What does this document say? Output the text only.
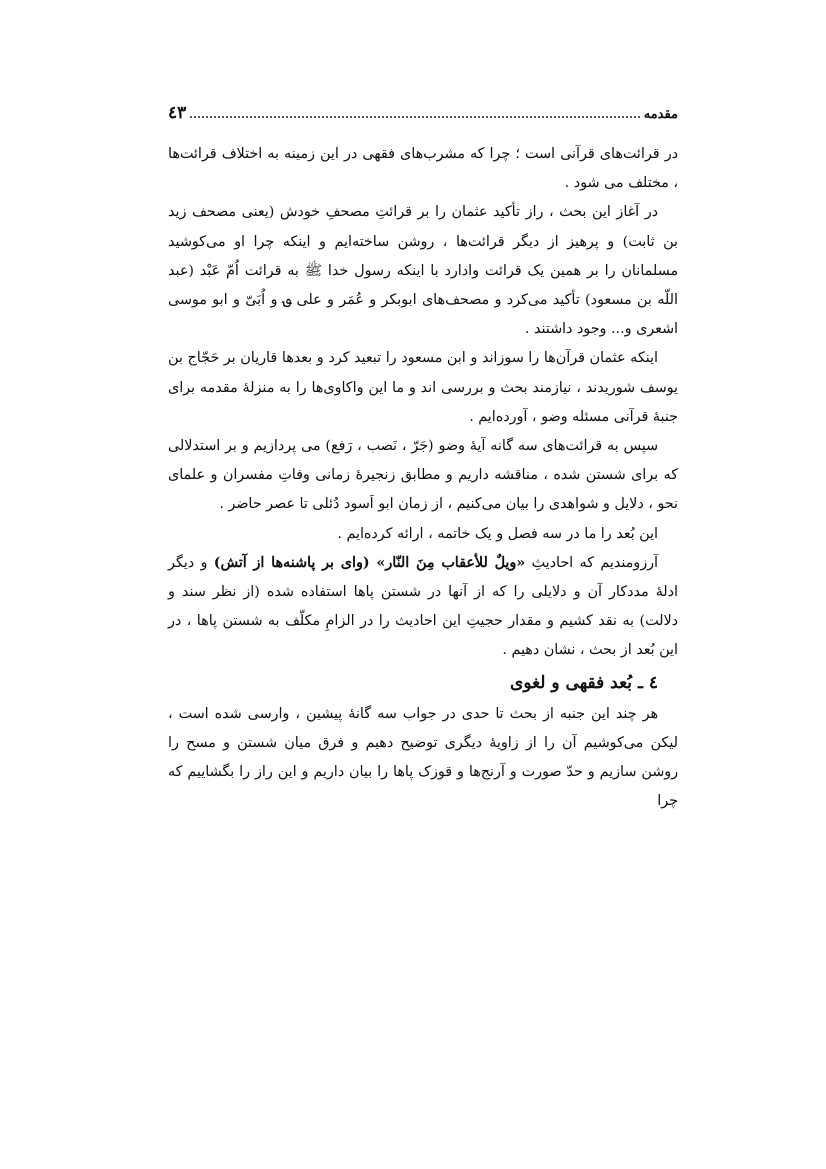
مقدمه
٤٣

در قرائت‌های قرآنی است ؛ چرا که مشرب‌های فقهی در این زمینه به اختلاف قرائت‌ها ، مختلف می شود .

در آغاز این بحث ، راز تأکید عثمان را بر قرائتِ مصحفِ خودش (یعنی مصحف زید بن ثابت) و پرهیز از دیگر قرائت‌ها ، روشن ساخته‌ایم و اینکه چرا او می‌کوشید مسلمانان را بر همین یک قرائت وادارد با اینکه رسول خدا ﷺ به قرائت اُمّ عَبْد (عبد اللّه بن مسعود) تأکید می‌کرد و مصحف‌های ابوبکر و عُمَر و علی ؈ و اُبَیّ و ابو موسی اشعری و... وجود داشتند .

اینکه عثمان قرآن‌ها را سوزاند و ابن مسعود را تبعید کرد و بعدها قاریان بر حَجّاج بن یوسف شوریدند ، نیازمند بحث و بررسی اند و ما این واکاوی‌ها را به منزلهٔ مقدمه برای جنبهٔ قرآنی مسئله وضو ، آورده‌ایم .

سپس به قرائت‌های سه گانه آیهٔ وضو (جَرّ ، نَصب ، رَفع) می پردازیم و بر استدلالی که برای شستن شده ، مناقشه داریم و مطابق زنجیرهٔ زمانی وفاتِ مفسران و علمای نحو ، دلایل و شواهدی را بیان می‌کنیم ، از زمان ابو اَسود دُئلی تا عصر حاضر .

این بُعد را ما در سه فصل و یک خاتمه ، ارائه کرده‌ایم .

آرزومندیم که احادیثِ «ویلٌ للأعقاب مِنَ النّار» (وای بر پاشنه‌ها از آتش) و دیگر ادلهٔ مددکار آن و دلایلی را که از آنها در شستن پاها استفاده شده (از نظر سند و دلالت) به نقد کشیم و مقدار حجیتِ این احادیث را در الزامِ مکلّف به شستن پاها ، در این بُعد از بحث ، نشان دهیم .

٤ ـ بُعد فقهی و لغوی

هر چند این جنبه از بحث تا حدی در جواب سه گانهٔ پیشین ، وارسی شده است ، لیکن می‌کوشیم آن را از زاویهٔ دیگری توضیح دهیم و فرق میان شستن و مسح را روشن سازیم و حدّ صورت و آرنج‌ها و قوزک پاها را بیان داریم و این راز را بگشاییم که چرا
